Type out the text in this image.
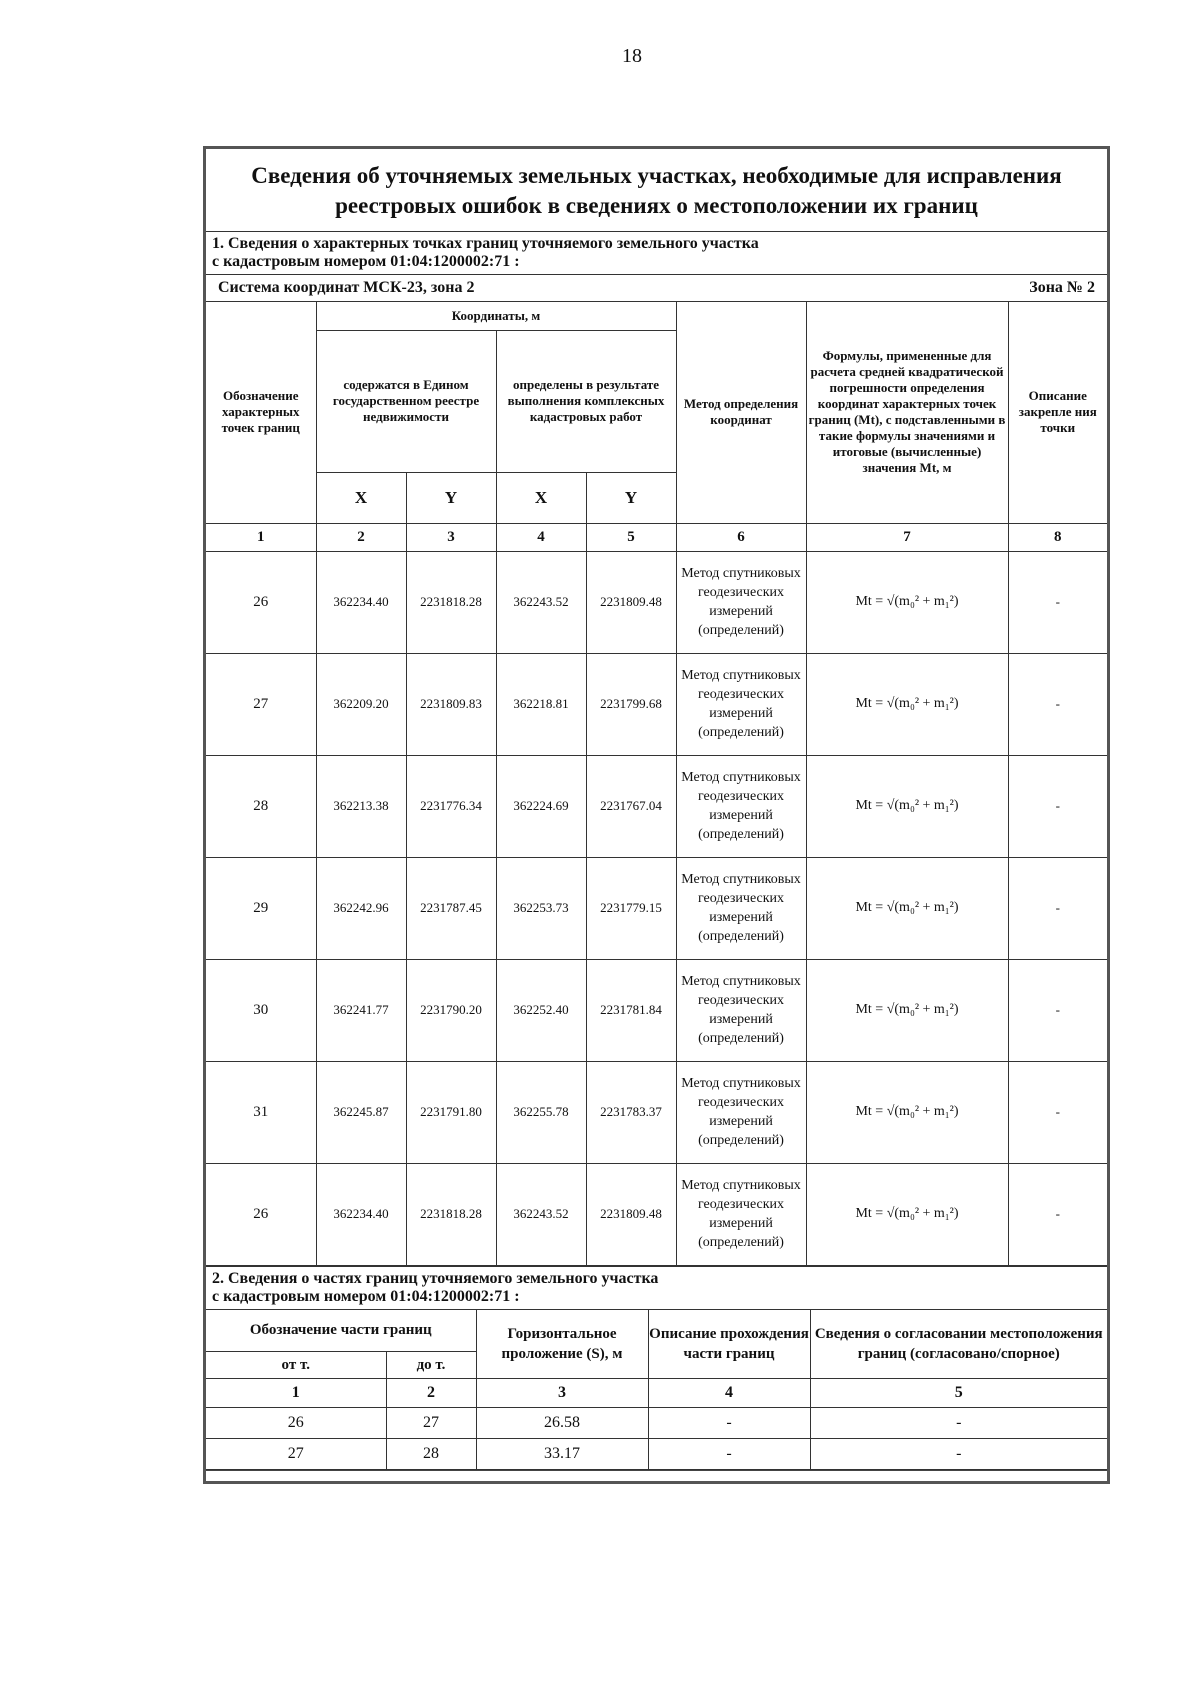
18
Сведения об уточняемых земельных участках, необходимые для исправления реестровых ошибок в сведениях о местоположении их границ
1. Сведения о характерных точках границ уточняемого земельного участка
с кадастровым номером 01:04:1200002:71 :
Система координат МСК-23, зона 2	Зона № 2
Обозначение характерных точек границ	Координаты, м				Метод определения координат	Формулы, примененные для расчета средней квадратической погрешности определения координат характерных точек границ (Mt), с подставленными в такие формулы значениями и итоговые (вычисленные) значения Mt, м	Описание закрепле ния точки
	содержатся в Едином государственном реестре недвижимости		определены в результате выполнения комплексных кадастровых работ				
	X	Y	X	Y			
1	2	3	4	5	6	7	8
26	362234.40	2231818.28	362243.52	2231809.48	Метод спутниковых геодезических измерений (определений)	Mt = √(m₀² + m₁²)	-
27	362209.20	2231809.83	362218.81	2231799.68	Метод спутниковых геодезических измерений (определений)	Mt = √(m₀² + m₁²)	-
28	362213.38	2231776.34	362224.69	2231767.04	Метод спутниковых геодезических измерений (определений)	Mt = √(m₀² + m₁²)	-
29	362242.96	2231787.45	362253.73	2231779.15	Метод спутниковых геодезических измерений (определений)	Mt = √(m₀² + m₁²)	-
30	362241.77	2231790.20	362252.40	2231781.84	Метод спутниковых геодезических измерений (определений)	Mt = √(m₀² + m₁²)	-
31	362245.87	2231791.80	362255.78	2231783.37	Метод спутниковых геодезических измерений (определений)	Mt = √(m₀² + m₁²)	-
26	362234.40	2231818.28	362243.52	2231809.48	Метод спутниковых геодезических измерений (определений)	Mt = √(m₀² + m₁²)	-
2. Сведения о частях границ уточняемого земельного участка
с кадастровым номером 01:04:1200002:71 :
Обозначение части границ		Горизонтальное проложение (S), м	Описание прохождения части границ	Сведения о согласовании местоположения границ (согласовано/спорное)
от т.	до т.			
1	2	3	4	5
26	27	26.58	-	-
27	28	33.17	-	-
